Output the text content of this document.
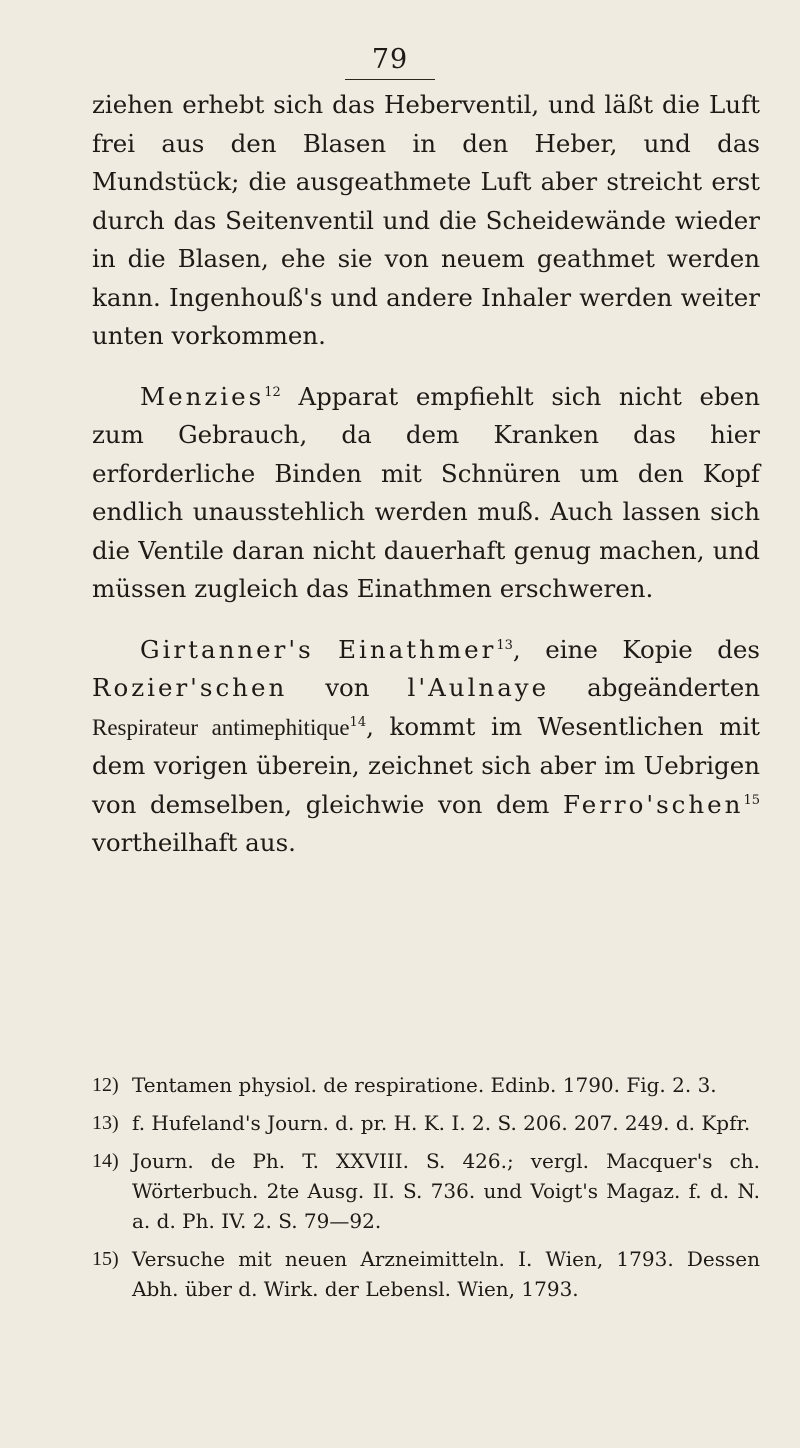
79

ziehen erhebt sich das Heberventil, und läßt die Luft frei aus den Blasen in den Heber, und das Mundstück; die ausgeathmete Luft aber streicht erst durch das Seitenventil und die Scheidewände wieder in die Blasen, ehe sie von neuem geathmet werden kann. Ingenhouß's und andere Inhaler werden weiter unten vorkommen.

Menzies$^{12}$ Apparat empfiehlt sich nicht eben zum Gebrauch, da dem Kranken das hier erforderliche Binden mit Schnüren um den Kopf endlich unausstehlich werden muß. Auch lassen sich die Ventile daran nicht dauerhaft genug machen, und müssen zugleich das Einathmen erschweren.

Girtanner's Einathmer$^{13}$, eine Kopie des Rozier'schen von l'Aulnaye abgeänderten Respirateur antimephitique$^{14}$, kommt im Wesentlichen mit dem vorigen überein, zeichnet sich aber im Uebrigen von demselben, gleichwie von dem Ferro'schen$^{15}$ vortheilhaft aus.

12) Tentamen physiol. de respiratione. Edinb. 1790. Fig. 2. 3.
13) f. Hufeland's Journ. d. pr. H. K. I. 2. S. 206. 207. 249. d. Kpfr.
14) Journ. de Ph. T. XXVIII. S. 426.; vergl. Macquer's ch. Wörterbuch. 2te Ausg. II. S. 736. und Voigt's Magaz. f. d. N. a. d. Ph. IV. 2. S. 79—92.
15) Versuche mit neuen Arzneimitteln. I. Wien, 1793. Dessen Abh. über d. Wirk. der Lebensl. Wien, 1793.
